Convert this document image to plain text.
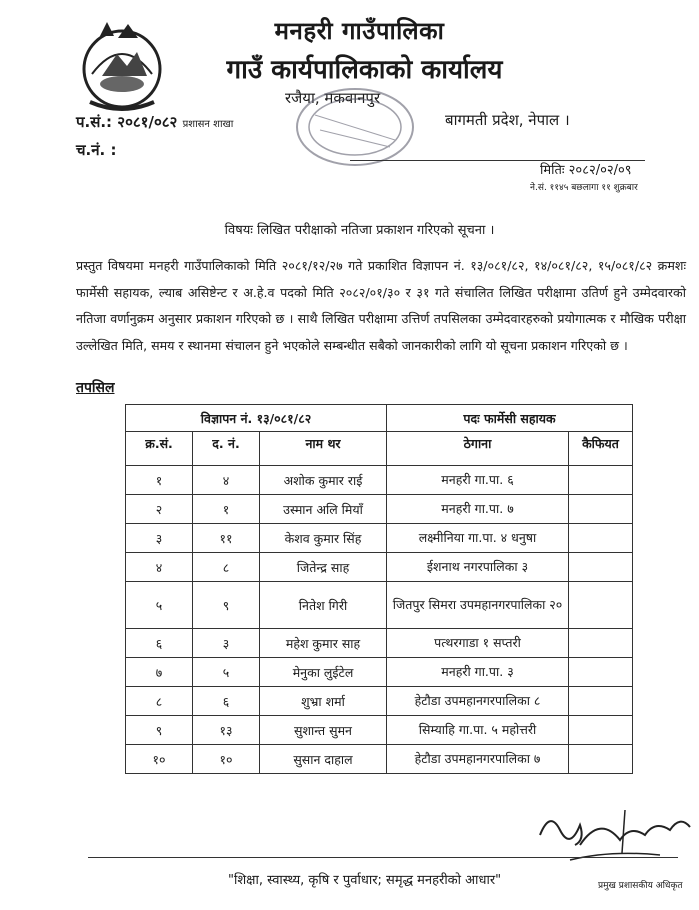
मनहरी गाउँपालिका
गाउँ कार्यपालिकाको कार्यालय
रजैया, मकवानपुर
प.सं.: २०८१/०८२ प्रशासन शाखा
च.नं. :
बागमती प्रदेश, नेपाल ।
मितिः २०८२/०२/०९
ने.सं. ११४५ बछलागा ११ शुक्रबार
विषयः लिखित परीक्षाको नतिजा प्रकाशन गरिएको सूचना ।
प्रस्तुत विषयमा मनहरी गाउँपालिकाको मिति २०८१/१२/२७ गते प्रकाशित विज्ञापन नं. १३/०८१/८२, १४/०८१/८२, १५/०८१/८२ क्रमशः फार्मेसी सहायक, ल्याब असिष्टेन्ट र अ.हे.व पदको मिति २०८२/०१/३० र ३१ गते संचालित लिखित परीक्षामा उतिर्ण हुने उम्मेदवारको नतिजा वर्णानुक्रम अनुसार प्रकाशन गरिएको छ । साथै लिखित परीक्षामा उत्तिर्ण तपसिलका उम्मेदवारहरुको प्रयोगात्मक र मौखिक परीक्षा उल्लेखित मिति, समय र स्थानमा संचालन हुने भएकोले सम्बन्धीत सबैको जानकारीको लागि यो सूचना प्रकाशन गरिएको छ ।
तपसिल
विज्ञापन नं. १३/०८१/८२			पदः फार्मेसी सहायक	
क्र.सं.	द. नं.	नाम थर	ठेगाना	कैफियत
१	४	अशोक कुमार राई	मनहरी गा.पा. ६	
२	१	उस्मान अलि मियाँ	मनहरी गा.पा. ७	
३	११	केशव कुमार सिंह	लक्ष्मीनिया गा.पा. ४ धनुषा	
४	८	जितेन्द्र साह	ईशनाथ नगरपालिका ३	
५	९	नितेश गिरी	जितपुर सिमरा उपमहानगरपालिका २०	
६	३	महेश कुमार साह	पत्थरगाडा १ सप्तरी	
७	५	मेनुका लुईटेल	मनहरी गा.पा. ३	
८	६	शुभ्रा शर्मा	हेटौडा उपमहानगरपालिका ८	
९	१३	सुशान्त सुमन	सिम्याहि गा.पा. ५ महोत्तरी	
१०	१०	सुसान दाहाल	हेटौडा उपमहानगरपालिका ७	
"शिक्षा, स्वास्थ्य, कृषि र पुर्वाधार; समृद्ध मनहरीको आधार"	प्रमुख प्रशासकीय अधिकृत
